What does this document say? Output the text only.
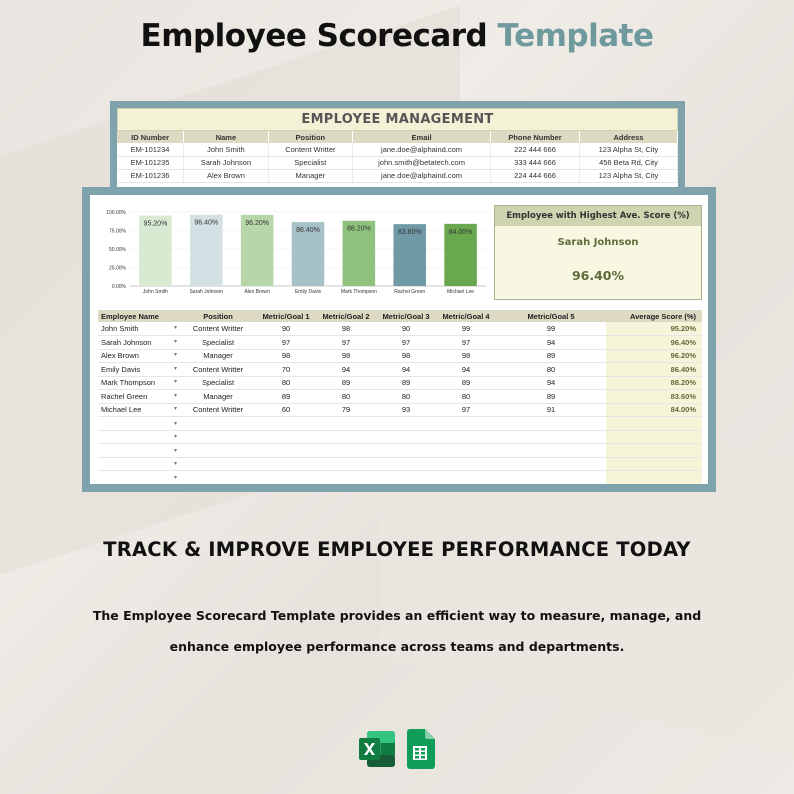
Employee Scorecard Template
EMPLOYEE MANAGEMENT
ID Number	Name	Position	Email	Phone Number	Address
EM-101234	John Smith	Content Writter	jane.doe@alphaind.com	222 444 666	123 Alpha St, City
EM-101235	Sarah Johnson	Specialist	john.smith@betatech.com	333 444 666	456 Beta Rd, City
EM-101236	Alex Brown	Manager	jane.doe@alphaind.com	224 444 666	123 Alpha St, City
100.00%
75.00%
50.00%
25.00%
0.00%
95.20%
John Smith
96.40%
Sarah Johnson
96.20%
Alex Brown
86.40%
Emily Davis
88.20%
Mark Thompson
83.60%
Rachel Green
84.00%
Michael Lee
Employee with Highest Ave. Score (%)
Sarah Johnson
96.40%
Employee Name	Position	Metric/Goal 1	Metric/Goal 2	Metric/Goal 3	Metric/Goal 4	Metric/Goal 5	Average Score (%)
John Smith ▾	Content Writter	90	98	90	99	99	95.20%
Sarah Johnson ▾	Specialist	97	97	97	97	94	96.40%
Alex Brown ▾	Manager	98	98	98	98	89	96.20%
Emily Davis ▾	Content Writter	70	94	94	94	80	86.40%
Mark Thompson ▾	Specialist	80	89	89	89	94	88.20%
Rachel Green ▾	Manager	89	80	80	80	89	83.60%
Michael Lee ▾	Content Writter	60	79	93	97	91	84.00%

▾							

▾							

▾							

▾							

▾							

TRACK & IMPROVE EMPLOYEE PERFORMANCE TODAY
The Employee Scorecard Template provides an efficient way to measure, manage, and
enhance employee performance across teams and departments.
